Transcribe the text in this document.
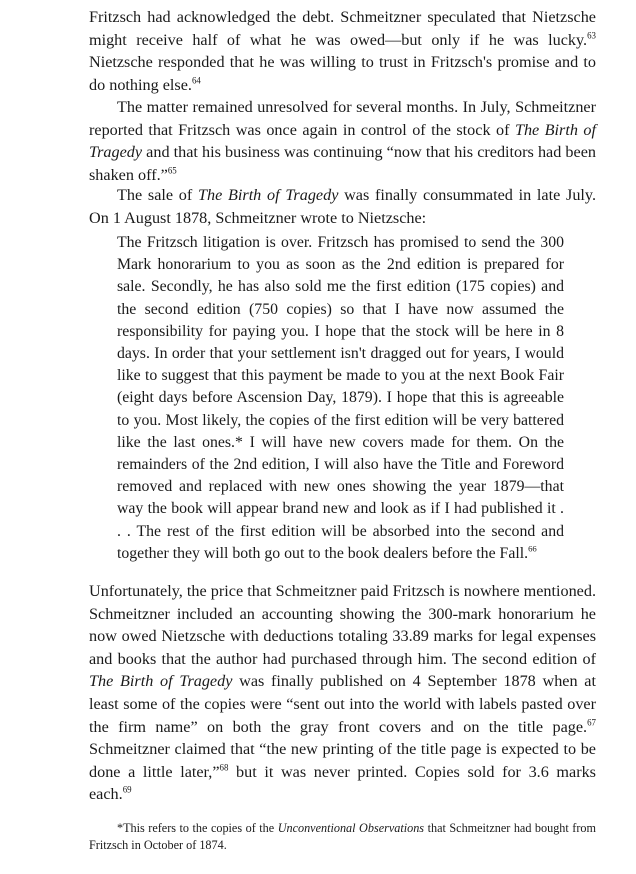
Fritzsch had acknowledged the debt. Schmeitzner speculated that Nietzsche might receive half of what he was owed—but only if he was lucky.$^{63}$ Nietzsche responded that he was willing to trust in Fritzsch's promise and to do nothing else.$^{64}$

The matter remained unresolved for several months. In July, Schmeitzner reported that Fritzsch was once again in control of the stock of The Birth of Tragedy and that his business was continuing “now that his creditors had been shaken off.”$^{65}$

The sale of The Birth of Tragedy was finally consummated in late July. On 1 August 1878, Schmeitzner wrote to Nietzsche:

The Fritzsch litigation is over. Fritzsch has promised to send the 300 Mark honorarium to you as soon as the 2nd edition is prepared for sale. Secondly, he has also sold me the first edition (175 copies) and the second edition (750 copies) so that I have now assumed the responsibility for paying you. I hope that the stock will be here in 8 days. In order that your settlement isn't dragged out for years, I would like to suggest that this payment be made to you at the next Book Fair (eight days before Ascension Day, 1879). I hope that this is agreeable to you. Most likely, the copies of the first edition will be very battered like the last ones.* I will have new covers made for them. On the remainders of the 2nd edition, I will also have the Title and Foreword removed and replaced with new ones showing the year 1879—that way the book will appear brand new and look as if I had published it . . . The rest of the first edition will be absorbed into the second and together they will both go out to the book dealers before the Fall.$^{66}$

Unfortunately, the price that Schmeitzner paid Fritzsch is nowhere mentioned. Schmeitzner included an accounting showing the 300-mark honorarium he now owed Nietzsche with deductions totaling 33.89 marks for legal expenses and books that the author had purchased through him. The second edition of The Birth of Tragedy was finally published on 4 September 1878 when at least some of the copies were “sent out into the world with labels pasted over the firm name” on both the gray front covers and on the title page.$^{67}$ Schmeitzner claimed that “the new printing of the title page is expected to be done a little later,”$^{68}$ but it was never printed. Copies sold for 3.6 marks each.$^{69}$

*This refers to the copies of the Unconventional Observations that Schmeitzner had bought from Fritzsch in October of 1874.
